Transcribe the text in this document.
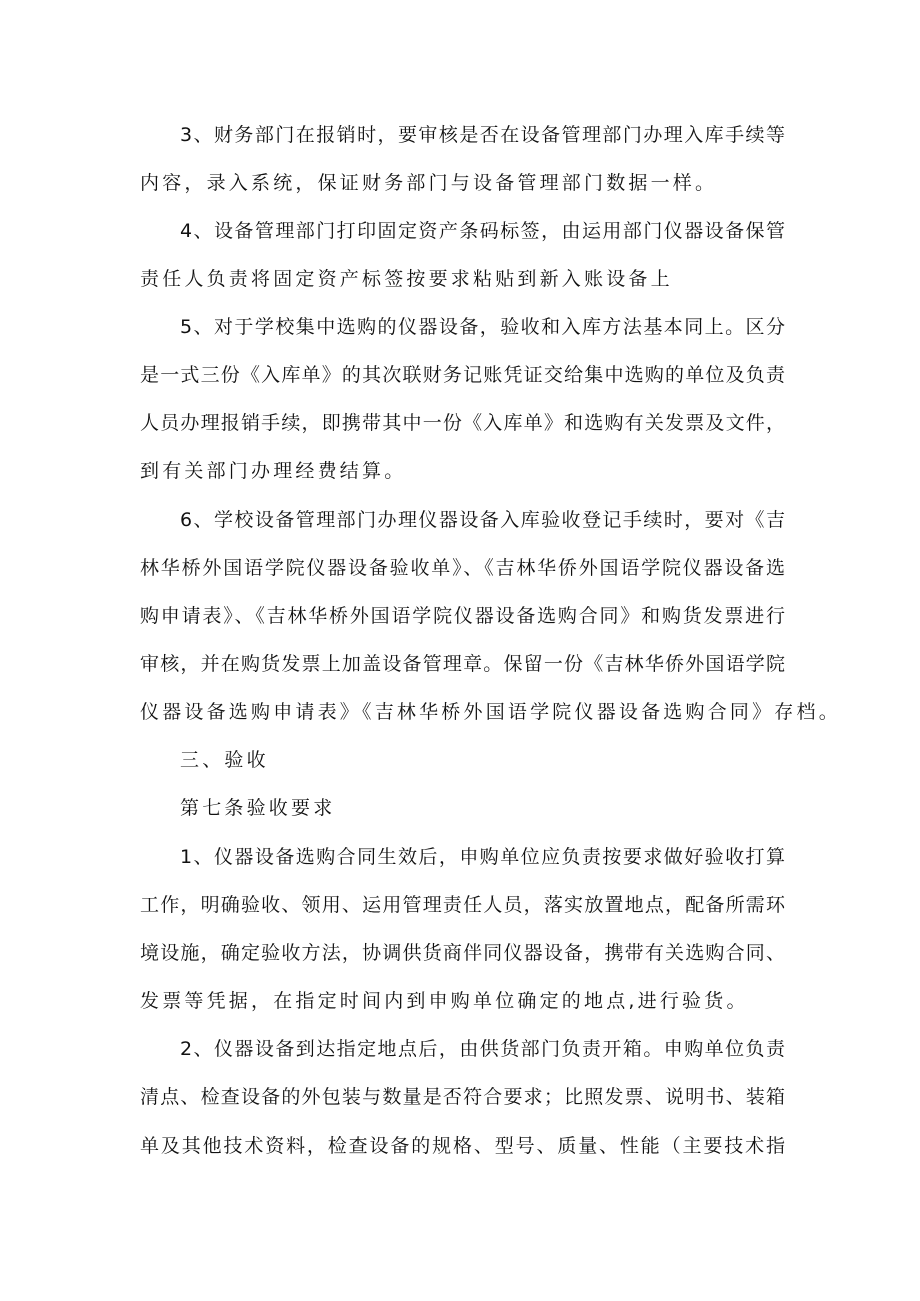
3、财务部门在报销时，要审核是否在设备管理部门办理入库手续等
内容，录入系统，保证财务部门与设备管理部门数据一样。
4、设备管理部门打印固定资产条码标签，由运用部门仪器设备保管
责任人负责将固定资产标签按要求粘贴到新入账设备上
5、对于学校集中选购的仪器设备，验收和入库方法基本同上。区分
是一式三份《入库单》的其次联财务记账凭证交给集中选购的单位及负责
人员办理报销手续，即携带其中一份《入库单》和选购有关发票及文件，
到有关部门办理经费结算。
6、学校设备管理部门办理仪器设备入库验收登记手续时，要对《吉
林华桥外国语学院仪器设备验收单》、《吉林华侨外国语学院仪器设备选
购申请表》、《吉林华桥外国语学院仪器设备选购合同》和购货发票进行
审核，并在购货发票上加盖设备管理章。保留一份《吉林华侨外国语学院
仪器设备选购申请表》《吉林华桥外国语学院仪器设备选购合同》存档。
三、验收
第七条验收要求
1、仪器设备选购合同生效后，申购单位应负责按要求做好验收打算
工作，明确验收、领用、运用管理责任人员，落实放置地点，配备所需环
境设施，确定验收方法，协调供货商伴同仪器设备，携带有关选购合同、
发票等凭据，在指定时间内到申购单位确定的地点,进行验货。
2、仪器设备到达指定地点后，由供货部门负责开箱。申购单位负责
清点、检查设备的外包装与数量是否符合要求；比照发票、说明书、装箱
单及其他技术资料，检查设备的规格、型号、质量、性能（主要技术指
